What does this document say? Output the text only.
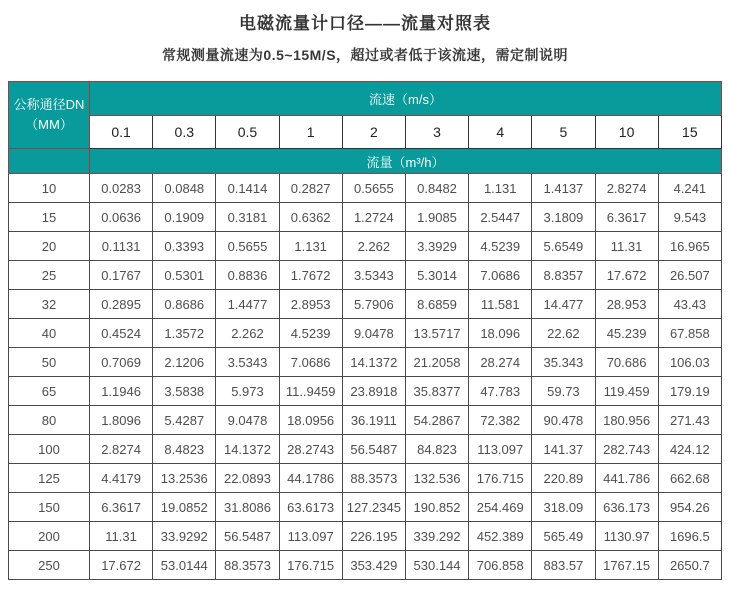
电磁流量计口径——流量对照表

常规测量流速为0.5~15M/S，超过或者低于该流速，需定制说明

公称通径DN
（MM）	流速（m/s）									
	0.1	0.3	0.5	1	2	3	4	5	10	15
	流量（m³/h）									
10	0.0283	0.0848	0.1414	0.2827	0.5655	0.8482	1.131	1.4137	2.8274	4.241
15	0.0636	0.1909	0.3181	0.6362	1.2724	1.9085	2.5447	3.1809	6.3617	9.543
20	0.1131	0.3393	0.5655	1.131	2.262	3.3929	4.5239	5.6549	11.31	16.965
25	0.1767	0.5301	0.8836	1.7672	3.5343	5.3014	7.0686	8.8357	17.672	26.507
32	0.2895	0.8686	1.4477	2.8953	5.7906	8.6859	11.581	14.477	28.953	43.43
40	0.4524	1.3572	2.262	4.5239	9.0478	13.5717	18.096	22.62	45.239	67.858
50	0.7069	2.1206	3.5343	7.0686	14.1372	21.2058	28.274	35.343	70.686	106.03
65	1.1946	3.5838	5.973	11..9459	23.8918	35.8377	47.783	59.73	119.459	179.19
80	1.8096	5.4287	9.0478	18.0956	36.1911	54.2867	72.382	90.478	180.956	271.43
100	2.8274	8.4823	14.1372	28.2743	56.5487	84.823	113.097	141.37	282.743	424.12
125	4.4179	13.2536	22.0893	44.1786	88.3573	132.536	176.715	220.89	441.786	662.68
150	6.3617	19.0852	31.8086	63.6173	127.2345	190.852	254.469	318.09	636.173	954.26
200	11.31	33.9292	56.5487	113.097	226.195	339.292	452.389	565.49	1130.97	1696.5
250	17.672	53.0144	88.3573	176.715	353.429	530.144	706.858	883.57	1767.15	2650.7
